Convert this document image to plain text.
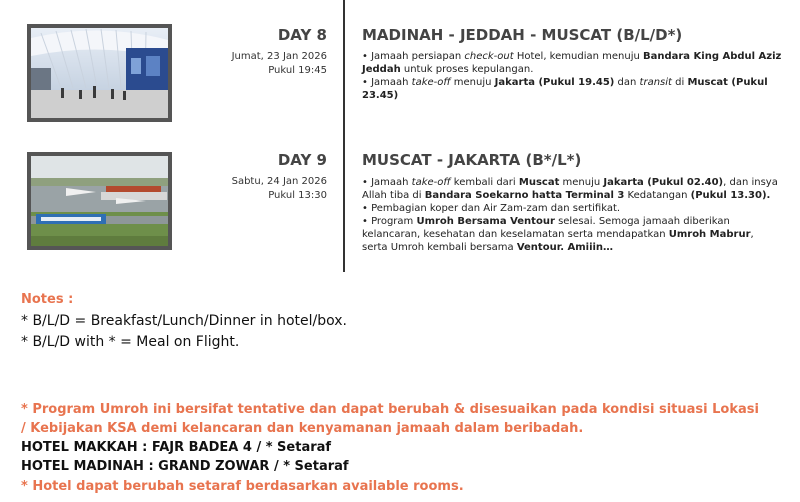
DAY 8
Jumat, 23 Jan 2026
Pukul 19:45
MADINAH - JEDDAH - MUSCAT (B/L/D*)

• Jamaah persiapan check-out Hotel, kemudian menuju Bandara King Abdul Aziz Jeddah untuk proses kepulangan.

• Jamaah take-off menuju Jakarta (Pukul 19.45) dan transit di Muscat (Pukul 23.45)

DAY 9
Sabtu, 24 Jan 2026
Pukul 13:30
MUSCAT - JAKARTA (B*/L*)

• Jamaah take-off kembali dari Muscat menuju Jakarta (Pukul 02.40), dan insya Allah tiba di Bandara Soekarno hatta Terminal 3 Kedatangan (Pukul 13.30).

• Pembagian koper dan Air Zam-zam dan sertifikat.

• Program Umroh Bersama Ventour selesai. Semoga jamaah diberikan kelancaran, kesehatan dan keselamatan serta mendapatkan Umroh Mabrur, serta Umroh kembali bersama Ventour. Amiiin…

Notes :
* B/L/D = Breakfast/Lunch/Dinner in hotel/box.
* B/L/D with * = Meal on Flight.
* Program Umroh ini bersifat tentative dan dapat berubah & disesuaikan pada kondisi situasi Lokasi
/ Kebijakan KSA demi kelancaran dan kenyamanan jamaah dalam beribadah.
HOTEL MAKKAH : FAJR BADEA 4 / * Setaraf
HOTEL MADINAH : GRAND ZOWAR / * Setaraf
* Hotel dapat berubah setaraf berdasarkan available rooms.
